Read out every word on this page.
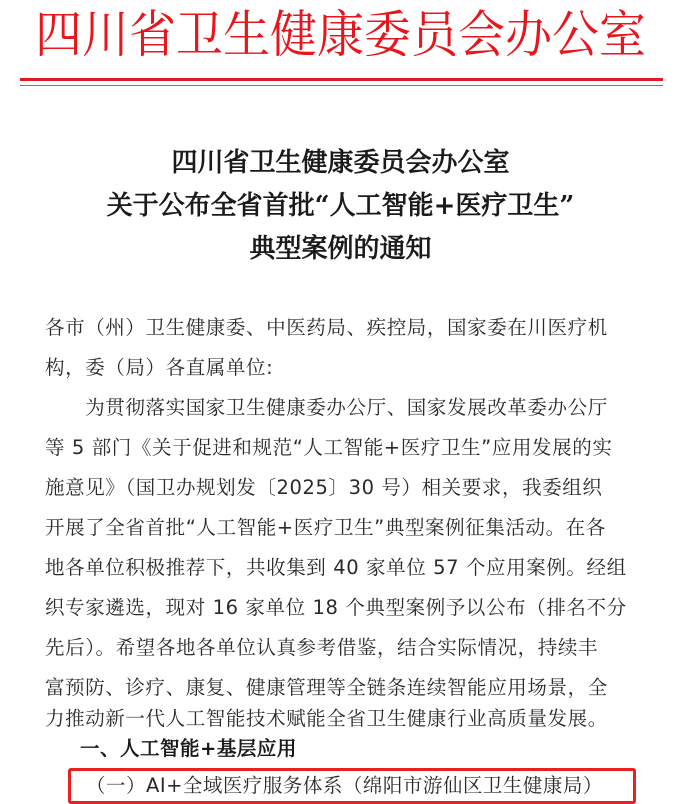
四川省卫生健康委员会办公室
四川省卫生健康委员会办公室
关于公布全省首批“人工智能+医疗卫生”
典型案例的通知
各市（州）卫生健康委、中医药局、疾控局，国家委在川医疗机
构，委（局）各直属单位:
　　为贯彻落实国家卫生健康委办公厅、国家发展改革委办公厅
等 5 部门《关于促进和规范“人工智能+医疗卫生”应用发展的实
施意见》（国卫办规划发〔2025〕30 号）相关要求，我委组织
开展了全省首批“人工智能+医疗卫生”典型案例征集活动。在各
地各单位积极推荐下，共收集到 40 家单位 57 个应用案例。经组
织专家遴选，现对 16 家单位 18 个典型案例予以公布（排名不分
先后）。希望各地各单位认真参考借鉴，结合实际情况，持续丰
富预防、诊疗、康复、健康管理等全链条连续智能应用场景，全
力推动新一代人工智能技术赋能全省卫生健康行业高质量发展。
一、人工智能+基层应用
（一）AI+全域医疗服务体系（绵阳市游仙区卫生健康局）
